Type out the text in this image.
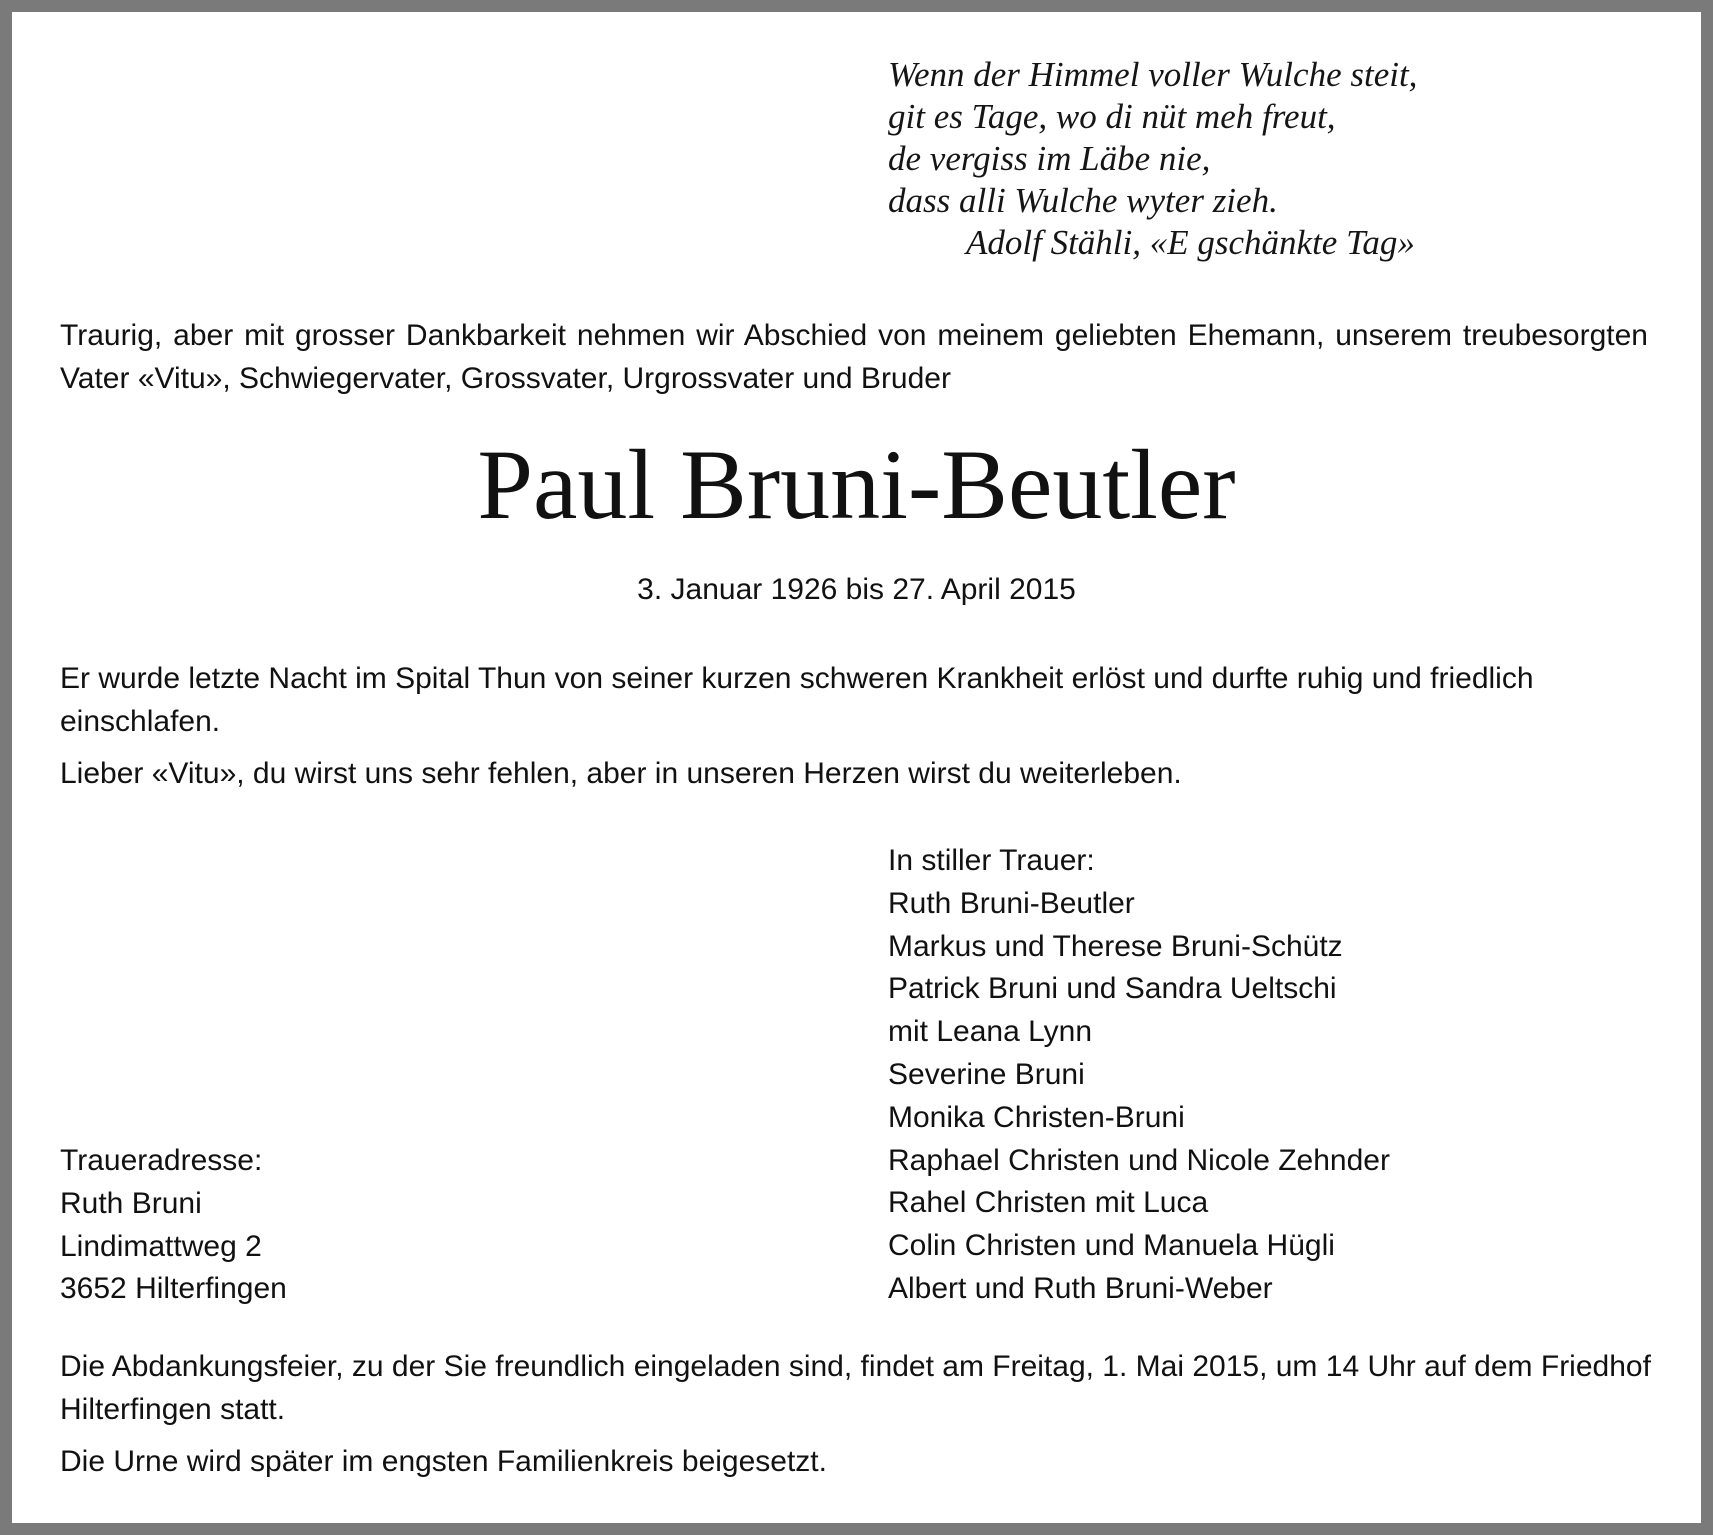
Wenn der Himmel voller Wulche steit,
git es Tage, wo di nüt meh freut,
de vergiss im Läbe nie,
dass alli Wulche wyter zieh.
Adolf Stähli, «E gschänkte Tag»

Traurig, aber mit grosser Dankbarkeit nehmen wir Abschied von meinem geliebten Ehemann, unserem treubesorgten Vater «Vitu», Schwiegervater, Grossvater, Urgrossvater und Bruder

Paul Bruni-Beutler
3. Januar 1926 bis 27. April 2015

Er wurde letzte Nacht im Spital Thun von seiner kurzen schweren Krankheit erlöst und durfte ruhig und friedlich einschlafen.

Lieber «Vitu», du wirst uns sehr fehlen, aber in unseren Herzen wirst du weiterleben.

In stiller Trauer:
Ruth Bruni-Beutler
Markus und Therese Bruni-Schütz
Patrick Bruni und Sandra Ueltschi
mit Leana Lynn
Severine Bruni
Monika Christen-Bruni
Raphael Christen und Nicole Zehnder
Rahel Christen mit Luca
Colin Christen und Manuela Hügli
Albert und Ruth Bruni-Weber
Traueradresse:
Ruth Bruni
Lindimattweg 2
3652 Hilterfingen

Die Abdankungsfeier, zu der Sie freundlich eingeladen sind, findet am Freitag, 1. Mai 2015, um 14 Uhr auf dem Friedhof Hilterfingen statt.

Die Urne wird später im engsten Familienkreis beigesetzt.
